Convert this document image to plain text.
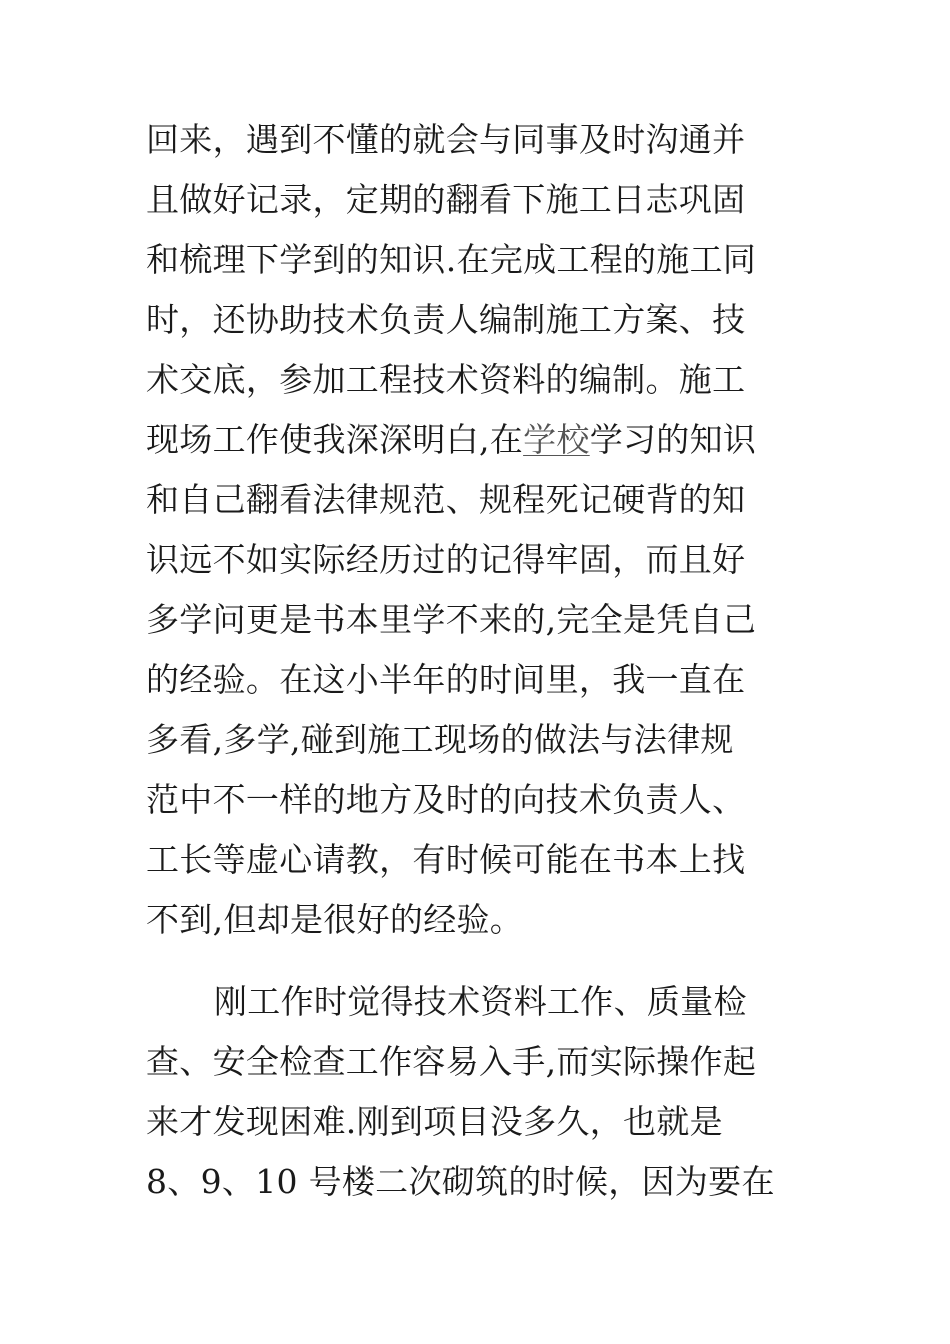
回来，遇到不懂的就会与同事及时沟通并
且做好记录，定期的翻看下施工日志巩固
和梳理下学到的知识.在完成工程的施工同
时，还协助技术负责人编制施工方案、技
术交底，参加工程技术资料的编制。施工
现场工作使我深深明白,在学校学习的知识
和自己翻看法律规范、规程死记硬背的知
识远不如实际经历过的记得牢固，而且好
多学问更是书本里学不来的,完全是凭自己
的经验。在这小半年的时间里，我一直在
多看,多学,碰到施工现场的做法与法律规
范中不一样的地方及时的向技术负责人、
工长等虚心请教，有时候可能在书本上找
不到,但却是很好的经验。
刚工作时觉得技术资料工作、质量检
查、安全检查工作容易入手,而实际操作起
来才发现困难.刚到项目没多久，也就是
8、9、10 号楼二次砌筑的时候，因为要在
